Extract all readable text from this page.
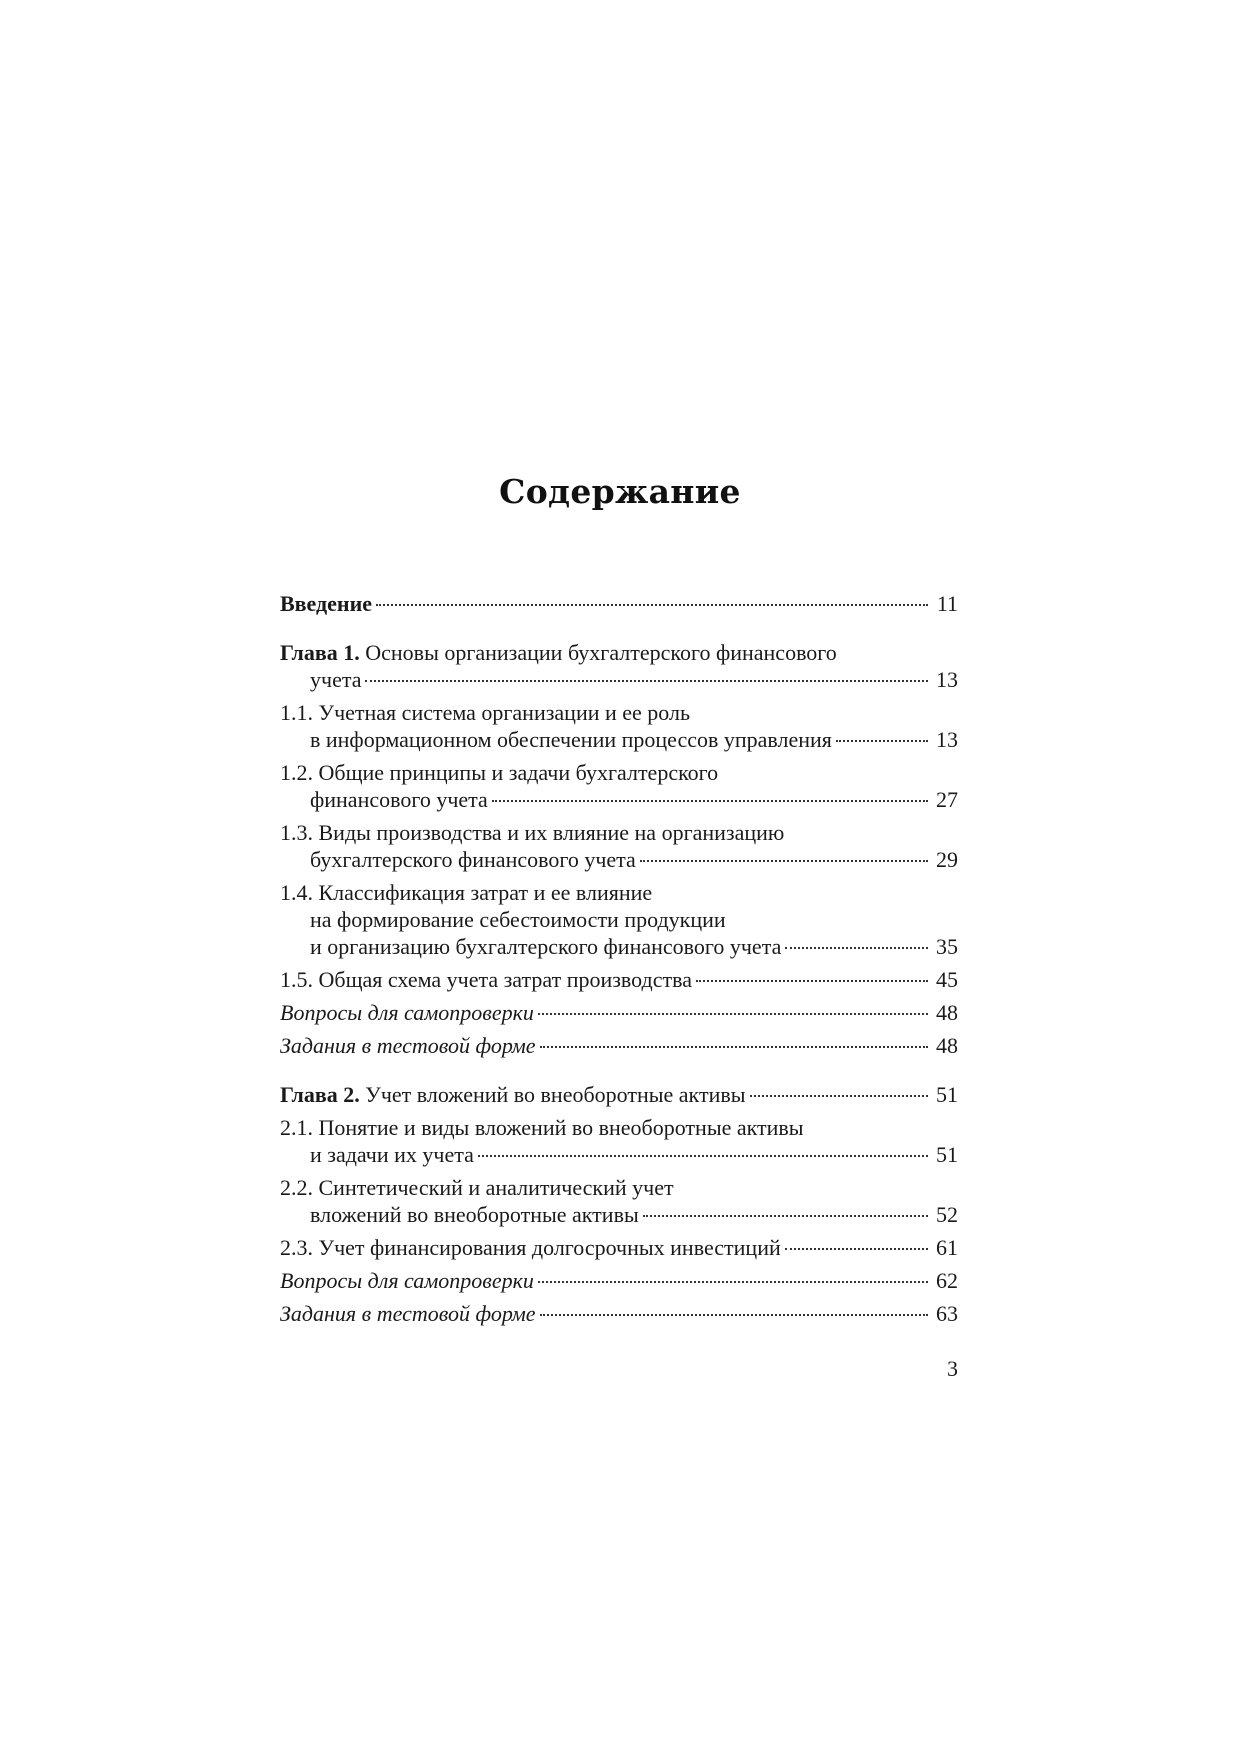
Содержание
Введение	11
Глава 1. Основы организации бухгалтерского финансового
учета	13
1.1. Учетная система организации и ее роль
в информационном обеспечении процессов управления	13
1.2. Общие принципы и задачи бухгалтерского
финансового учета	27
1.3. Виды производства и их влияние на организацию
бухгалтерского финансового учета	29
1.4. Классификация затрат и ее влияние
на формирование себестоимости продукции
и организацию бухгалтерского финансового учета	35
1.5. Общая схема учета затрат производства	45
Вопросы для самопроверки	48
Задания в тестовой форме	48
Глава 2. Учет вложений во внеоборотные активы	51
2.1. Понятие и виды вложений во внеоборотные активы
и задачи их учета	51
2.2. Синтетический и аналитический учет
вложений во внеоборотные активы	52
2.3. Учет финансирования долгосрочных инвестиций	61
Вопросы для самопроверки	62
Задания в тестовой форме	63
3
